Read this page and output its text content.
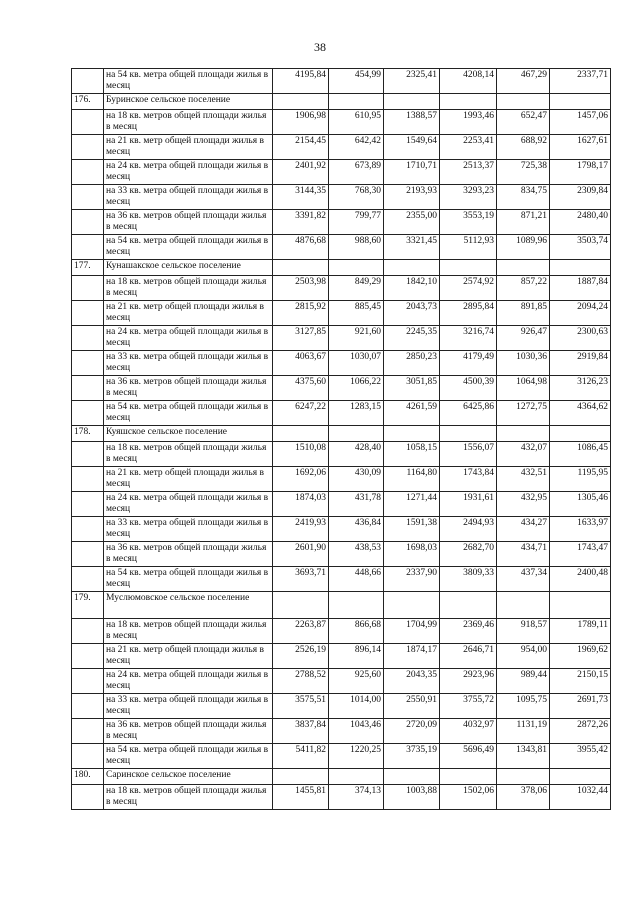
38
	на 54 кв. метра общей площади жилья в месяц	4195,84	454,99	2325,41	4208,14	467,29	2337,71
176.	Буринское сельское поселение						
	на 18 кв. метров общей площади жилья в месяц	1906,98	610,95	1388,57	1993,46	652,47	1457,06
	на 21 кв. метр общей площади жилья в месяц	2154,45	642,42	1549,64	2253,41	688,92	1627,61
	на 24 кв. метра общей площади жилья в месяц	2401,92	673,89	1710,71	2513,37	725,38	1798,17
	на 33 кв. метра общей площади жилья в месяц	3144,35	768,30	2193,93	3293,23	834,75	2309,84
	на 36 кв. метров общей площади жилья в месяц	3391,82	799,77	2355,00	3553,19	871,21	2480,40
	на 54 кв. метра общей площади жилья в месяц	4876,68	988,60	3321,45	5112,93	1089,96	3503,74
177.	Кунашакское сельское поселение						
	на 18 кв. метров общей площади жилья в месяц	2503,98	849,29	1842,10	2574,92	857,22	1887,84
	на 21 кв. метр общей площади жилья в месяц	2815,92	885,45	2043,73	2895,84	891,85	2094,24
	на 24 кв. метра общей площади жилья в месяц	3127,85	921,60	2245,35	3216,74	926,47	2300,63
	на 33 кв. метра общей площади жилья в месяц	4063,67	1030,07	2850,23	4179,49	1030,36	2919,84
	на 36 кв. метров общей площади жилья в месяц	4375,60	1066,22	3051,85	4500,39	1064,98	3126,23
	на 54 кв. метра общей площади жилья в месяц	6247,22	1283,15	4261,59	6425,86	1272,75	4364,62
178.	Куяшское сельское поселение						
	на 18 кв. метров общей площади жилья в месяц	1510,08	428,40	1058,15	1556,07	432,07	1086,45
	на 21 кв. метр общей площади жилья в месяц	1692,06	430,09	1164,80	1743,84	432,51	1195,95
	на 24 кв. метра общей площади жилья в месяц	1874,03	431,78	1271,44	1931,61	432,95	1305,46
	на 33 кв. метра общей площади жилья в месяц	2419,93	436,84	1591,38	2494,93	434,27	1633,97
	на 36 кв. метров общей площади жилья в месяц	2601,90	438,53	1698,03	2682,70	434,71	1743,47
	на 54 кв. метра общей площади жилья в месяц	3693,71	448,66	2337,90	3809,33	437,34	2400,48
179.	Муслюмовское сельское поселение						
	на 18 кв. метров общей площади жилья в месяц	2263,87	866,68	1704,99	2369,46	918,57	1789,11
	на 21 кв. метр общей площади жилья в месяц	2526,19	896,14	1874,17	2646,71	954,00	1969,62
	на 24 кв. метра общей площади жилья в месяц	2788,52	925,60	2043,35	2923,96	989,44	2150,15
	на 33 кв. метра общей площади жилья в месяц	3575,51	1014,00	2550,91	3755,72	1095,75	2691,73
	на 36 кв. метров общей площади жилья в месяц	3837,84	1043,46	2720,09	4032,97	1131,19	2872,26
	на 54 кв. метра общей площади жилья в месяц	5411,82	1220,25	3735,19	5696,49	1343,81	3955,42
180.	Саринское сельское поселение						
	на 18 кв. метров общей площади жилья в месяц	1455,81	374,13	1003,88	1502,06	378,06	1032,44
